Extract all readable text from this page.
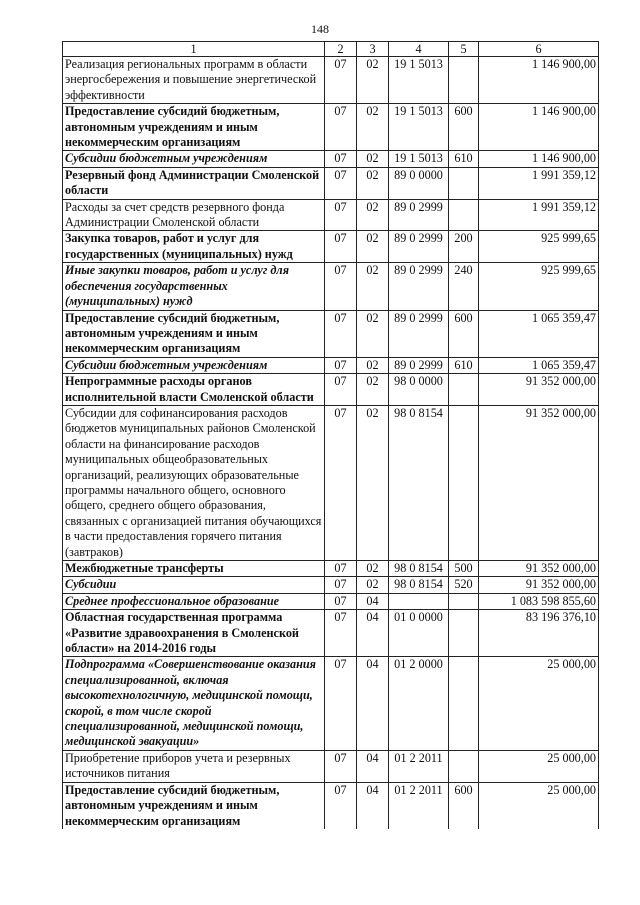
148
1	2	3	4	5	6
Реализация региональных программ в области энергосбережения и повышение энергетической эффективности	07	02	19 1 5013		1 146 900,00
Предоставление субсидий бюджетным, автономным учреждениям и иным некоммерческим организациям	07	02	19 1 5013	600	1 146 900,00
Субсидии бюджетным учреждениям	07	02	19 1 5013	610	1 146 900,00
Резервный фонд Администрации Смоленской области	07	02	89 0 0000		1 991 359,12
Расходы за счет средств резервного фонда Администрации Смоленской области	07	02	89 0 2999		1 991 359,12
Закупка товаров, работ и услуг для государственных (муниципальных) нужд	07	02	89 0 2999	200	925 999,65
Иные закупки товаров, работ и услуг для обеспечения государственных (муниципальных) нужд	07	02	89 0 2999	240	925 999,65
Предоставление субсидий бюджетным, автономным учреждениям и иным некоммерческим организациям	07	02	89 0 2999	600	1 065 359,47
Субсидии бюджетным учреждениям	07	02	89 0 2999	610	1 065 359,47
Непрограммные расходы органов исполнительной власти Смоленской области	07	02	98 0 0000		91 352 000,00
Субсидии для софинансирования расходов бюджетов муниципальных районов Смоленской области на финансирование расходов муниципальных общеобразовательных организаций, реализующих образовательные программы начального общего, основного общего, среднего общего образования, связанных с организацией питания обучающихся в части предоставления горячего питания (завтраков)	07	02	98 0 8154		91 352 000,00
Межбюджетные трансферты	07	02	98 0 8154	500	91 352 000,00
Субсидии	07	02	98 0 8154	520	91 352 000,00
Среднее профессиональное образование	07	04			1 083 598 855,60
Областная государственная программа «Развитие здравоохранения в Смоленской области» на 2014-2016 годы	07	04	01 0 0000		83 196 376,10
Подпрограмма «Совершенствование оказания специализированной, включая высокотехнологичную, медицинской помощи, скорой, в том числе скорой специализированной, медицинской помощи, медицинской эвакуации»	07	04	01 2 0000		25 000,00
Приобретение приборов учета и резервных источников питания	07	04	01 2 2011		25 000,00
Предоставление субсидий бюджетным, автономным учреждениям и иным некоммерческим организациям	07	04	01 2 2011	600	25 000,00
